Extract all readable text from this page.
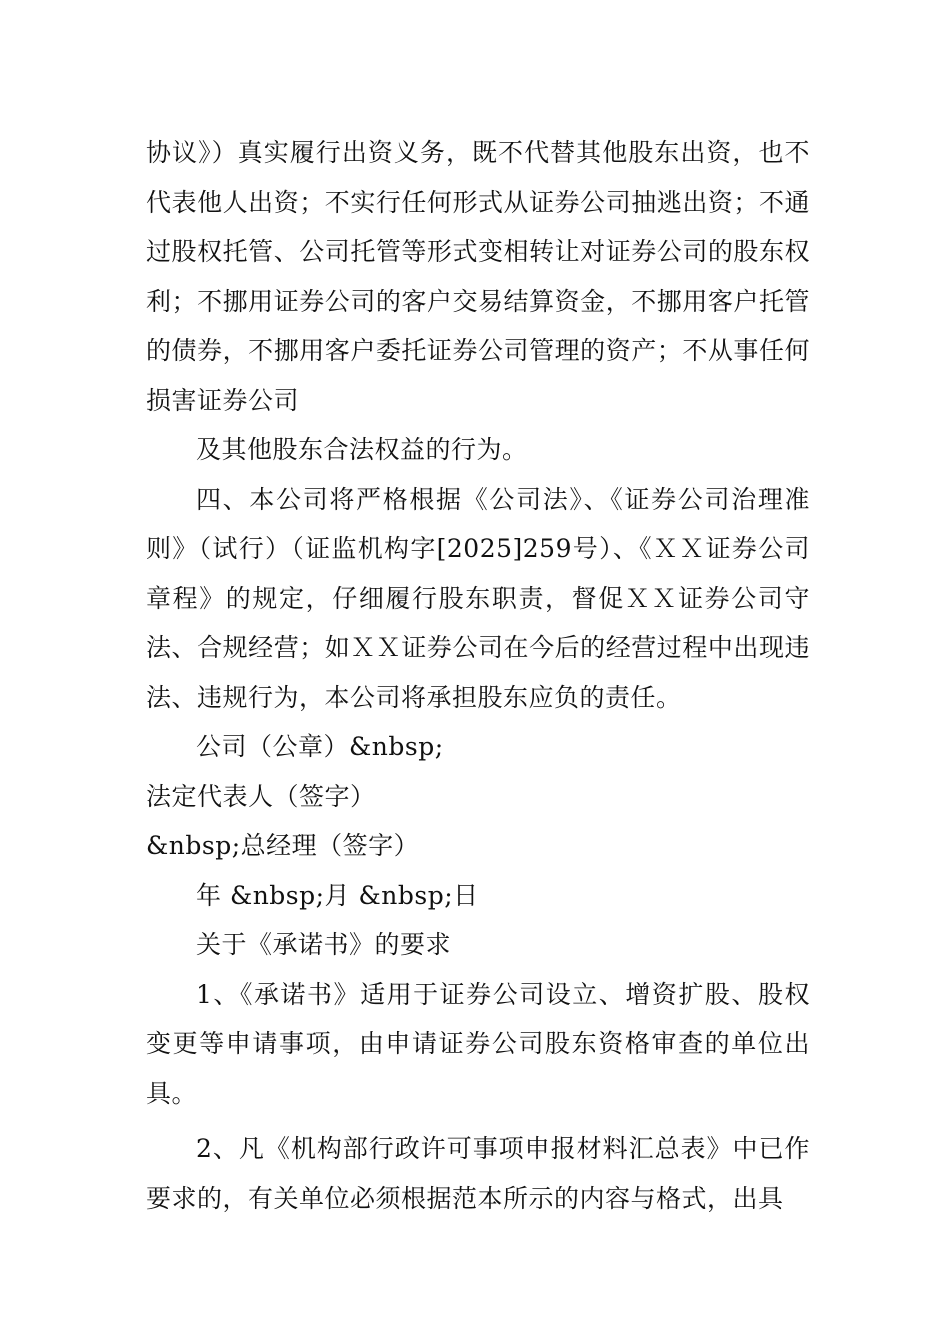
协议》）真实履行出资义务，既不代替其他股东出资，也不代表他人出资；不实行任何形式从证券公司抽逃出资；不通过股权托管、公司托管等形式变相转让对证券公司的股东权利；不挪用证券公司的客户交易结算资金，不挪用客户托管的债券，不挪用客户委托证券公司管理的资产；不从事任何损害证券公司

及其他股东合法权益的行为。

四、本公司将严格根据《公司法》、《证券公司治理准则》（试行）（证监机构字[2025]259号）、《ＸＸ证券公司章程》的规定，仔细履行股东职责，督促ＸＸ证券公司守法、合规经营；如ＸＸ证券公司在今后的经营过程中出现违法、违规行为，本公司将承担股东应负的责任。

公司（公章）&nbsp;

法定代表人（签字）

&nbsp;总经理（签字）

年 &nbsp;月 &nbsp;日

关于《承诺书》的要求

1、《承诺书》适用于证券公司设立、增资扩股、股权变更等申请事项，由申请证券公司股东资格审查的单位出具。

2、凡《机构部行政许可事项申报材料汇总表》中已作要求的，有关单位必须根据范本所示的内容与格式，出具
